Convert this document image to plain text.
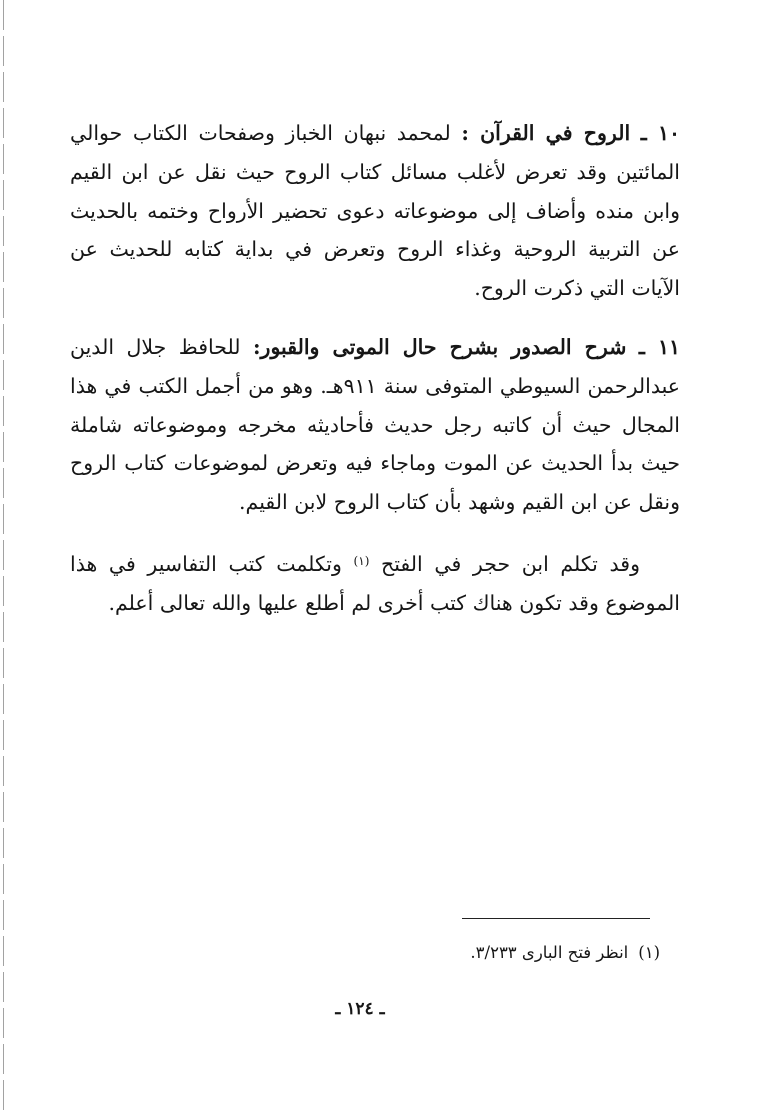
١٠ ـ الروح في القرآن : لمحمد نبهان الخباز وصفحات الكتاب حوالي المائتين وقد تعرض لأغلب مسائل كتاب الروح حيث نقل عن ابن القيم وابن منده وأضاف إلى موضوعاته دعوى تحضير الأرواح وختمه بالحديث عن التربية الروحية وغذاء الروح وتعرض في بداية كتابه للحديث عن الآيات التي ذكرت الروح.

١١ ـ شرح الصدور بشرح حال الموتى والقبور: للحافظ جلال الدين عبدالرحمن السيوطي المتوفى سنة ٩١١هـ. وهو من أجمل الكتب في هذا المجال حيث أن كاتبه رجل حديث فأحاديثه مخرجه وموضوعاته شاملة حيث بدأ الحديث عن الموت وماجاء فيه وتعرض لموضوعات كتاب الروح ونقل عن ابن القيم وشهد بأن كتاب الروح لابن القيم.

وقد تكلم ابن حجر في الفتح $^{(١)}$ وتكلمت كتب التفاسير في هذا الموضوع وقد تكون هناك كتب أخرى لم أطلع عليها والله تعالى أعلم.

(١)انظر فتح البارى ٣/٢٣٣.

ـ ١٢٤ ـ
